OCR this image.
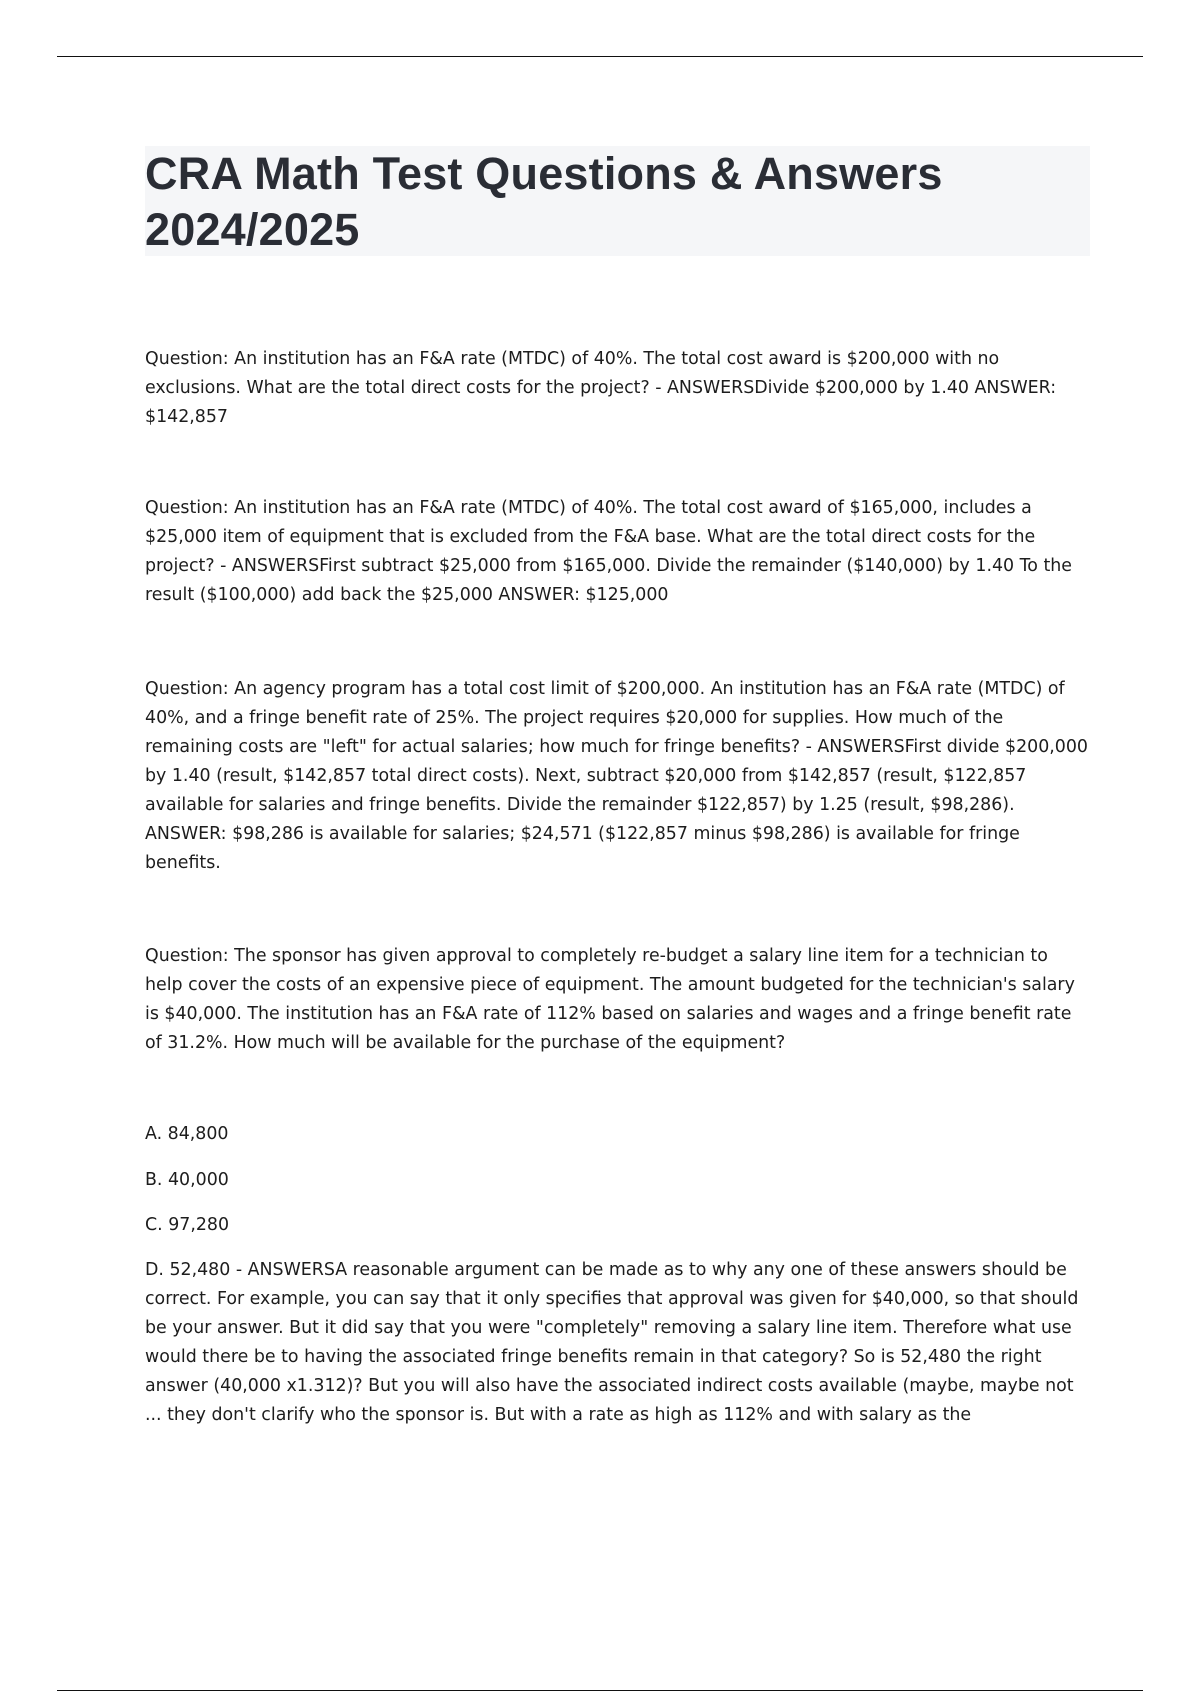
CRA Math Test Questions & Answers 2024/2025

Question: An institution has an F&A rate (MTDC) of 40%. The total cost award is $200,000 with no exclusions. What are the total direct costs for the project? - ANSWERSDivide $200,000 by 1.40 ANSWER: $142,857

Question: An institution has an F&A rate (MTDC) of 40%. The total cost award of $165,000, includes a $25,000 item of equipment that is excluded from the F&A base. What are the total direct costs for the project? - ANSWERSFirst subtract $25,000 from $165,000. Divide the remainder ($140,000) by 1.40 To the result ($100,000) add back the $25,000 ANSWER: $125,000

Question: An agency program has a total cost limit of $200,000. An institution has an F&A rate (MTDC) of 40%, and a fringe benefit rate of 25%. The project requires $20,000 for supplies. How much of the remaining costs are "left" for actual salaries; how much for fringe benefits? - ANSWERSFirst divide $200,000 by 1.40 (result, $142,857 total direct costs). Next, subtract $20,000 from $142,857 (result, $122,857 available for salaries and fringe benefits. Divide the remainder $122,857) by 1.25 (result, $98,286). ANSWER: $98,286 is available for salaries; $24,571 ($122,857 minus $98,286) is available for fringe benefits.

Question: The sponsor has given approval to completely re-budget a salary line item for a technician to help cover the costs of an expensive piece of equipment. The amount budgeted for the technician's salary is $40,000. The institution has an F&A rate of 112% based on salaries and wages and a fringe benefit rate of 31.2%. How much will be available for the purchase of the equipment?

A. 84,800
B. 40,000
C. 97,280
D. 52,480 - ANSWERSA reasonable argument can be made as to why any one of these answers should be correct. For example, you can say that it only specifies that approval was given for $40,000, so that should be your answer. But it did say that you were "completely" removing a salary line item. Therefore what use would there be to having the associated fringe benefits remain in that category? So is 52,480 the right answer (40,000 x1.312)? But you will also have the associated indirect costs available (maybe, maybe not ... they don't clarify who the sponsor is. But with a rate as high as 112% and with salary as the
